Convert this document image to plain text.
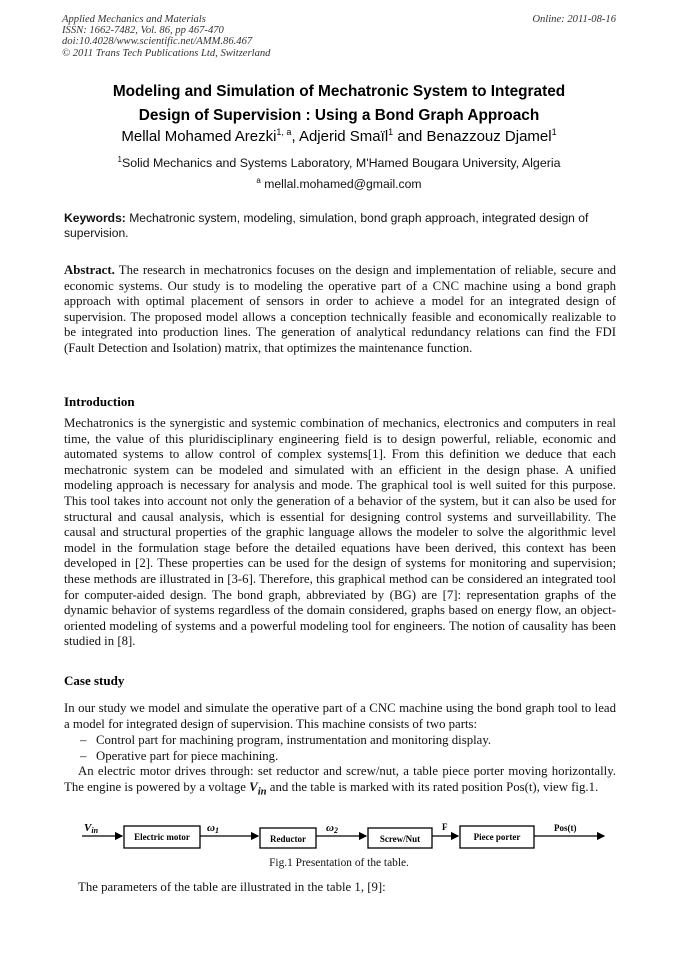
Applied Mechanics and Materials
ISSN: 1662-7482, Vol. 86, pp 467-470
doi:10.4028/www.scientific.net/AMM.86.467
© 2011 Trans Tech Publications Ltd, Switzerland
Online: 2011-08-16
Modeling and Simulation of Mechatronic System to Integrated
Design of Supervision : Using a Bond Graph Approach
Mellal Mohamed Arezki$^{1, a}$, Adjerid Smaïl$^1$ and Benazzouz Djamel$^1$
$^1$Solid Mechanics and Systems Laboratory, M'Hamed Bougara University, Algeria
$^a$ mellal.mohamed@gmail.com
Keywords: Mechatronic system, modeling, simulation, bond graph approach, integrated design of supervision.
Abstract. The research in mechatronics focuses on the design and implementation of reliable, secure and economic systems. Our study is to modeling the operative part of a CNC machine using a bond graph approach with optimal placement of sensors in order to achieve a model for an integrated design of supervision. The proposed model allows a conception technically feasible and economically realizable to be integrated into production lines. The generation of analytical redundancy relations can find the FDI (Fault Detection and Isolation) matrix, that optimizes the maintenance function.
Introduction
Mechatronics is the synergistic and systemic combination of mechanics, electronics and computers in real time, the value of this pluridisciplinary engineering field is to design powerful, reliable, economic and automated systems to allow control of complex systems[1]. From this definition we deduce that each mechatronic system can be modeled and simulated with an efficient in the design phase. A unified modeling approach is necessary for analysis and mode. The graphical tool is well suited for this purpose. This tool takes into account not only the generation of a behavior of the system, but it can also be used for structural and causal analysis, which is essential for designing control systems and surveillability. The causal and structural properties of the graphic language allows the modeler to solve the algorithmic level model in the formulation stage before the detailed equations have been derived, this context has been developed in [2]. These properties can be used for the design of systems for monitoring and supervision; these methods are illustrated in [3-6]. Therefore, this graphical method can be considered an integrated tool for computer-aided design. The bond graph, abbreviated by (BG) are [7]: representation graphs of the dynamic behavior of systems regardless of the domain considered, graphs based on energy flow, an object-oriented modeling of systems and a powerful modeling tool for engineers. The notion of causality has been studied in [8].
Case study
In our study we model and simulate the operative part of a CNC machine using the bond graph tool to lead a model for integrated design of supervision. This machine consists of two parts:
– Control part for machining program, instrumentation and monitoring display.
– Operative part for piece machining.
An electric motor drives through: set reductor and screw/nut, a table piece porter moving horizontally. The engine is powered by a voltage $V_{in}$ and the table is marked with its rated position Pos(t), view fig.1.
Vin
Electric motor
ω1
Reductor
ω2
Screw/Nut
F
Piece porter
Pos(t)
Fig.1 Presentation of the table.
The parameters of the table are illustrated in the table 1, [9]:
